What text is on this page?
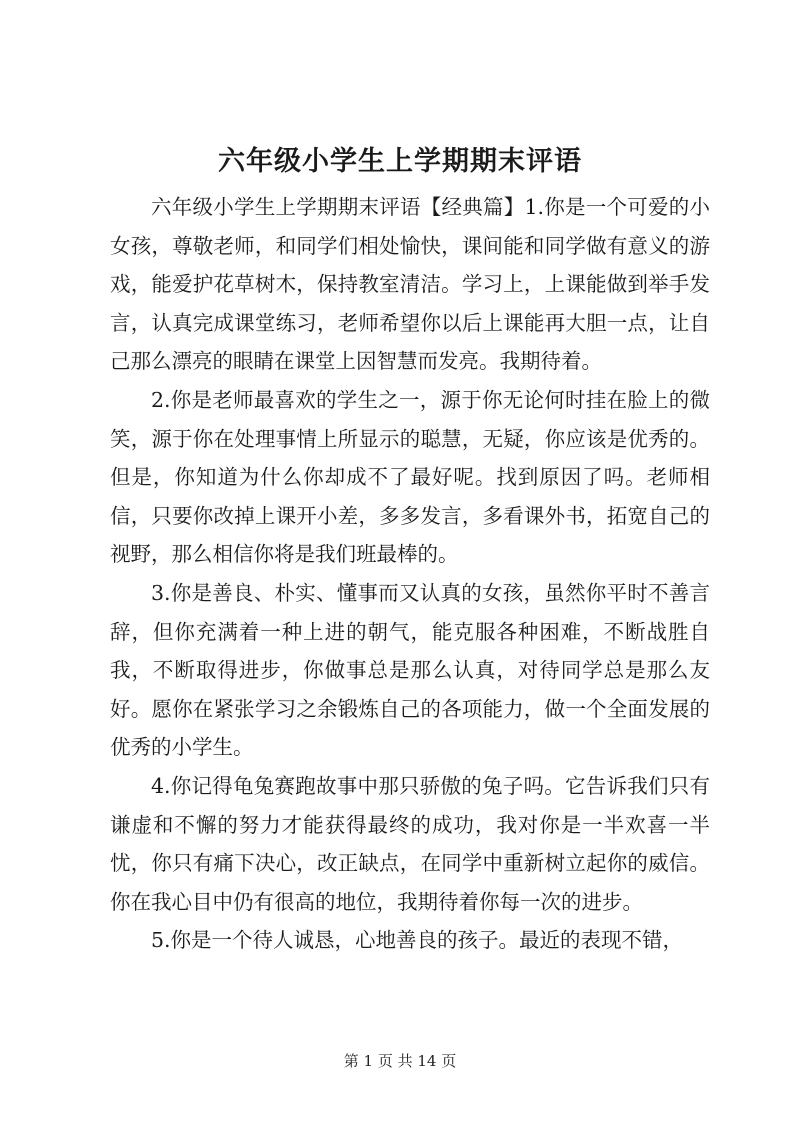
六年级小学生上学期期末评语

六年级小学生上学期期末评语【经典篇】1.你是一个可爱的小女孩，尊敬老师，和同学们相处愉快，课间能和同学做有意义的游戏，能爱护花草树木，保持教室清洁。学习上，上课能做到举手发言，认真完成课堂练习，老师希望你以后上课能再大胆一点，让自己那么漂亮的眼睛在课堂上因智慧而发亮。我期待着。

2.你是老师最喜欢的学生之一，源于你无论何时挂在脸上的微笑，源于你在处理事情上所显示的聪慧，无疑，你应该是优秀的。但是，你知道为什么你却成不了最好呢。找到原因了吗。老师相信，只要你改掉上课开小差，多多发言，多看课外书，拓宽自己的视野，那么相信你将是我们班最棒的。

3.你是善良、朴实、懂事而又认真的女孩，虽然你平时不善言辞，但你充满着一种上进的朝气，能克服各种困难，不断战胜自我，不断取得进步，你做事总是那么认真，对待同学总是那么友好。愿你在紧张学习之余锻炼自己的各项能力，做一个全面发展的优秀的小学生。

4.你记得龟兔赛跑故事中那只骄傲的兔子吗。它告诉我们只有谦虚和不懈的努力才能获得最终的成功，我对你是一半欢喜一半忧，你只有痛下决心，改正缺点，在同学中重新树立起你的威信。你在我心目中仍有很高的地位，我期待着你每一次的进步。

5.你是一个待人诚恳，心地善良的孩子。最近的表现不错，

第 1 页 共 14 页
